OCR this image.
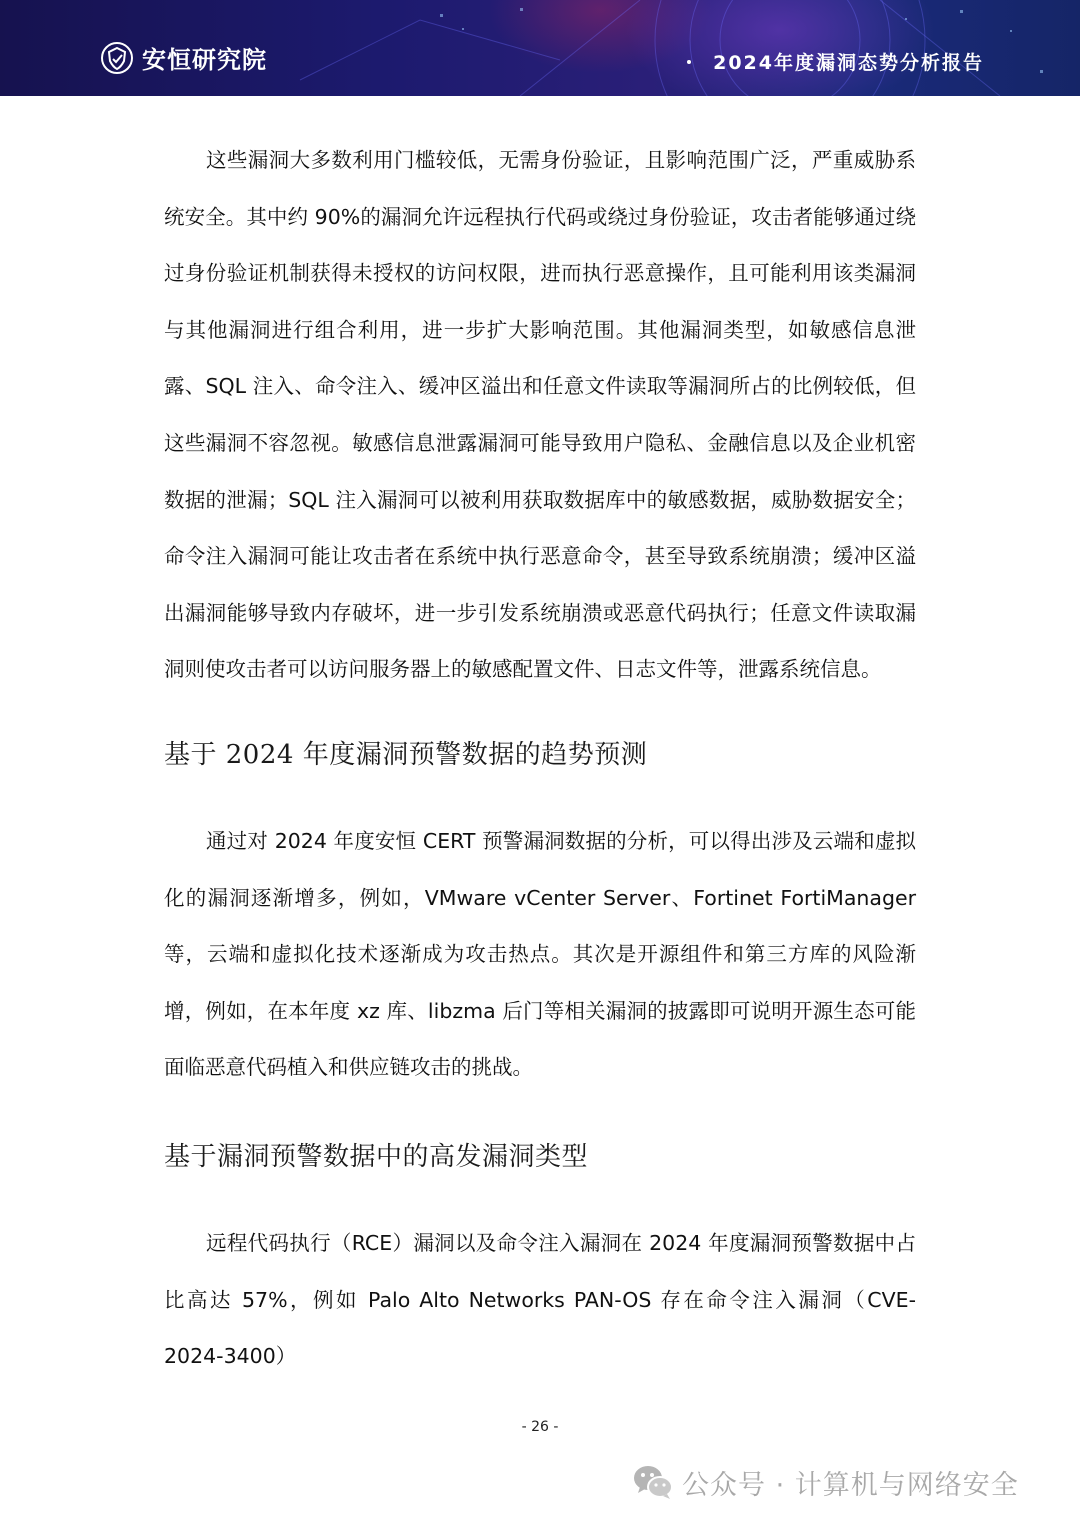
安恒研究院	2024年度漏洞态势分析报告

这些漏洞大多数利用门槛较低，无需身份验证，且影响范围广泛，严重威胁系统安全。其中约 90%的漏洞允许远程执行代码或绕过身份验证，攻击者能够通过绕过身份验证机制获得未授权的访问权限，进而执行恶意操作，且可能利用该类漏洞与其他漏洞进行组合利用，进一步扩大影响范围。其他漏洞类型，如敏感信息泄露、SQL 注入、命令注入、缓冲区溢出和任意文件读取等漏洞所占的比例较低，但这些漏洞不容忽视。敏感信息泄露漏洞可能导致用户隐私、金融信息以及企业机密数据的泄漏；SQL 注入漏洞可以被利用获取数据库中的敏感数据，威胁数据安全；命令注入漏洞可能让攻击者在系统中执行恶意命令，甚至导致系统崩溃；缓冲区溢出漏洞能够导致内存破坏，进一步引发系统崩溃或恶意代码执行；任意文件读取漏洞则使攻击者可以访问服务器上的敏感配置文件、日志文件等，泄露系统信息。

基于 2024 年度漏洞预警数据的趋势预测

通过对 2024 年度安恒 CERT 预警漏洞数据的分析，可以得出涉及云端和虚拟化的漏洞逐渐增多，例如，VMware vCenter Server、Fortinet FortiManager 等，云端和虚拟化技术逐渐成为攻击热点。其次是开源组件和第三方库的风险渐增，例如，在本年度 xz 库、libzma 后门等相关漏洞的披露即可说明开源生态可能面临恶意代码植入和供应链攻击的挑战。

基于漏洞预警数据中的高发漏洞类型

远程代码执行（RCE）漏洞以及命令注入漏洞在 2024 年度漏洞预警数据中占比高达 57%，例如 Palo Alto Networks PAN-OS 存在命令注入漏洞（CVE-2024-3400）

- 26 -
公众号 · 计算机与网络安全
